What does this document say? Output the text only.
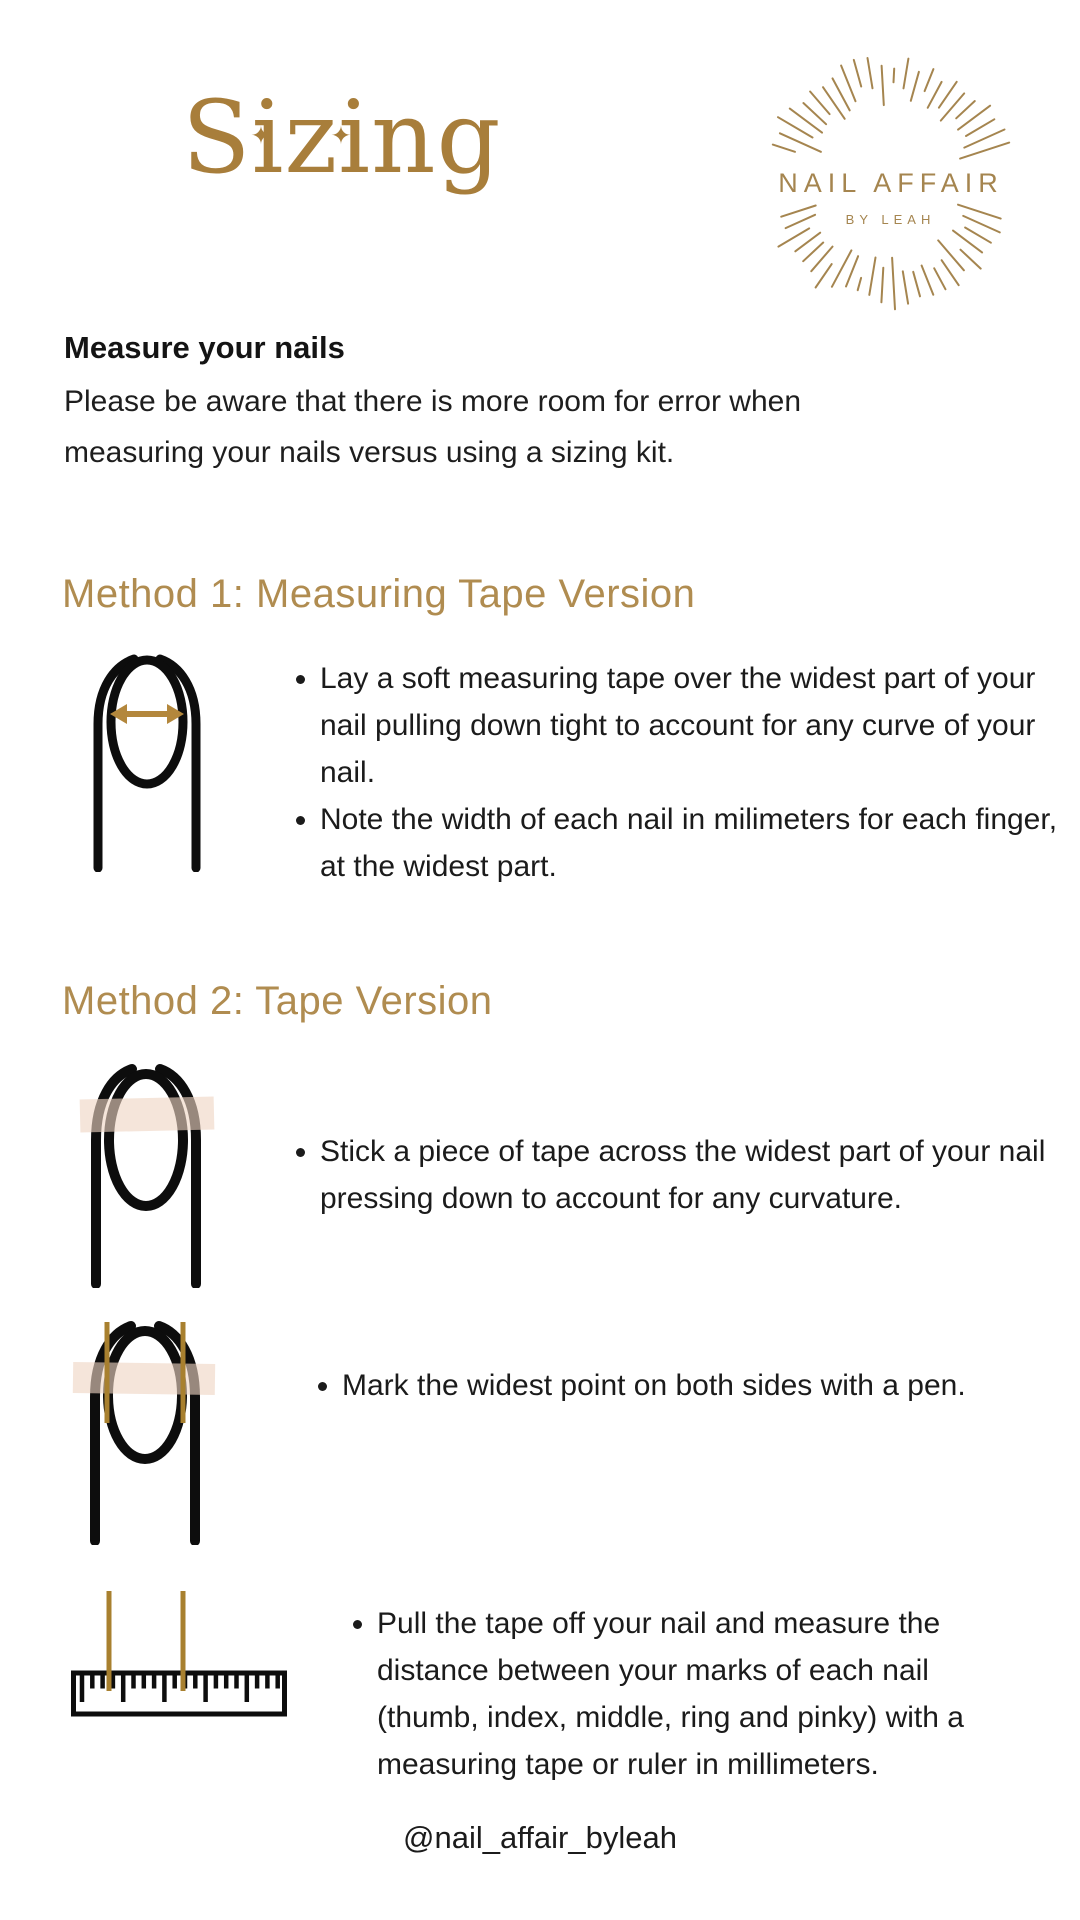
Sizing
✦
✦	NAIL AFFAIR
BY LEAH

Measure your nails

Please be aware that there is more room for error when measuring your nails versus using a sizing kit.

Method 1: Measuring Tape Version
• Lay a soft measuring tape over the widest part of your nail pulling down tight to account for any curve of your nail.
• Note the width of each nail in milimeters for each finger, at the widest part.
Method 2: Tape Version
• Stick a piece of tape across the widest part of your nail pressing down to account for any curvature.
• Mark the widest point on both sides with a pen.
• Pull the tape off your nail and measure the distance between your marks of each nail (thumb, index, middle, ring and pinky) with a measuring tape or ruler in millimeters.
@nail_affair_byleah
